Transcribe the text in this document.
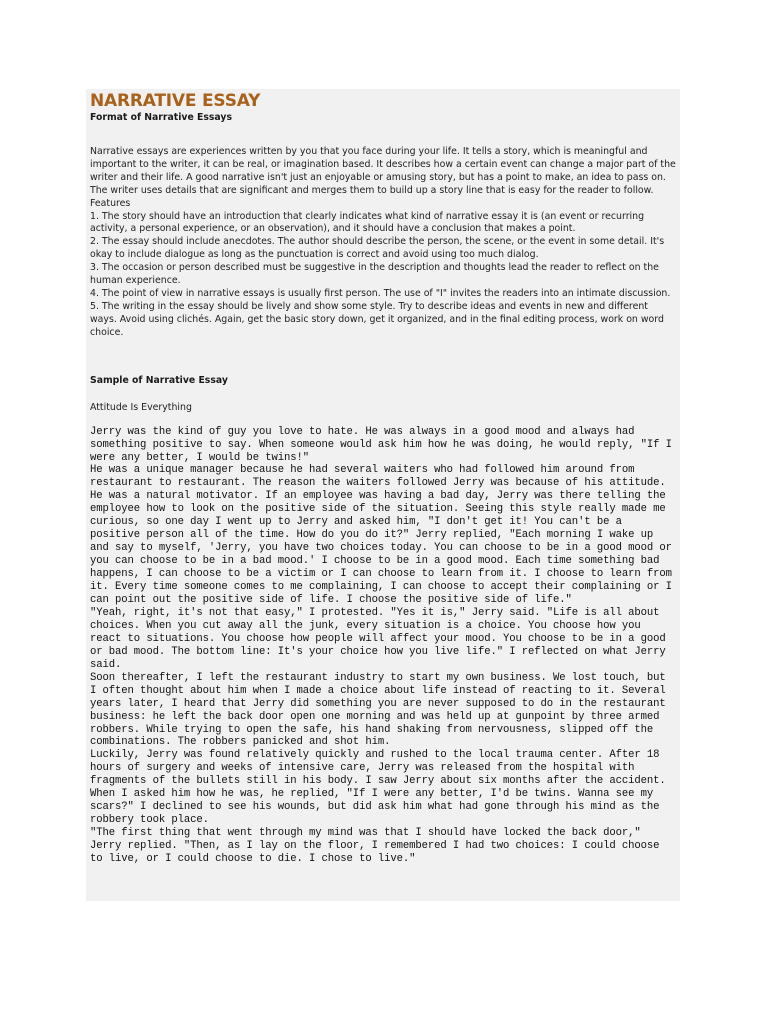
NARRATIVE ESSAY
Format of Narrative Essays

Narrative essays are experiences written by you that you face during your life. It tells a story, which is meaningful and important to the writer, it can be real, or imagination based. It describes how a certain event can change a major part of the writer and their life. A good narrative isn't just an enjoyable or amusing story, but has a point to make, an idea to pass on. The writer uses details that are significant and merges them to build up a story line that is easy for the reader to follow.

Features

1. The story should have an introduction that clearly indicates what kind of narrative essay it is (an event or recurring activity, a personal experience, or an observation), and it should have a conclusion that makes a point.
2. The essay should include anecdotes. The author should describe the person, the scene, or the event in some detail. It's okay to include dialogue as long as the punctuation is correct and avoid using too much dialog.
3. The occasion or person described must be suggestive in the description and thoughts lead the reader to reflect on the human experience.
4. The point of view in narrative essays is usually first person. The use of "I" invites the readers into an intimate discussion.
5. The writing in the essay should be lively and show some style. Try to describe ideas and events in new and different ways. Avoid using clichés. Again, get the basic story down, get it organized, and in the final editing process, work on word choice.
Sample of Narrative Essay
Attitude Is Everything

Jerry was the kind of guy you love to hate. He was always in a good mood and always had something positive to say. When someone would ask him how he was doing, he would reply, "If I were any better, I would be twins!"

He was a unique manager because he had several waiters who had followed him around from restaurant to restaurant. The reason the waiters followed Jerry was because of his attitude. He was a natural motivator. If an employee was having a bad day, Jerry was there telling the employee how to look on the positive side of the situation. Seeing this style really made me curious, so one day I went up to Jerry and asked him, "I don't get it! You can't be a positive person all of the time. How do you do it?" Jerry replied, "Each morning I wake up and say to myself, 'Jerry, you have two choices today. You can choose to be in a good mood or you can choose to be in a bad mood.' I choose to be in a good mood. Each time something bad happens, I can choose to be a victim or I can choose to learn from it. I choose to learn from it. Every time someone comes to me complaining, I can choose to accept their complaining or I can point out the positive side of life. I choose the positive side of life."

"Yeah, right, it's not that easy," I protested. "Yes it is," Jerry said. "Life is all about choices. When you cut away all the junk, every situation is a choice. You choose how you react to situations. You choose how people will affect your mood. You choose to be in a good or bad mood. The bottom line: It's your choice how you live life." I reflected on what Jerry said.

Soon thereafter, I left the restaurant industry to start my own business. We lost touch, but I often thought about him when I made a choice about life instead of reacting to it. Several years later, I heard that Jerry did something you are never supposed to do in the restaurant business: he left the back door open one morning and was held up at gunpoint by three armed robbers. While trying to open the safe, his hand shaking from nervousness, slipped off the combinations. The robbers panicked and shot him.

Luckily, Jerry was found relatively quickly and rushed to the local trauma center. After 18 hours of surgery and weeks of intensive care, Jerry was released from the hospital with fragments of the bullets still in his body. I saw Jerry about six months after the accident. When I asked him how he was, he replied, "If I were any better, I'd be twins. Wanna see my scars?" I declined to see his wounds, but did ask him what had gone through his mind as the robbery took place.

"The first thing that went through my mind was that I should have locked the back door," Jerry replied. "Then, as I lay on the floor, I remembered I had two choices: I could choose to live, or I could choose to die. I chose to live."
